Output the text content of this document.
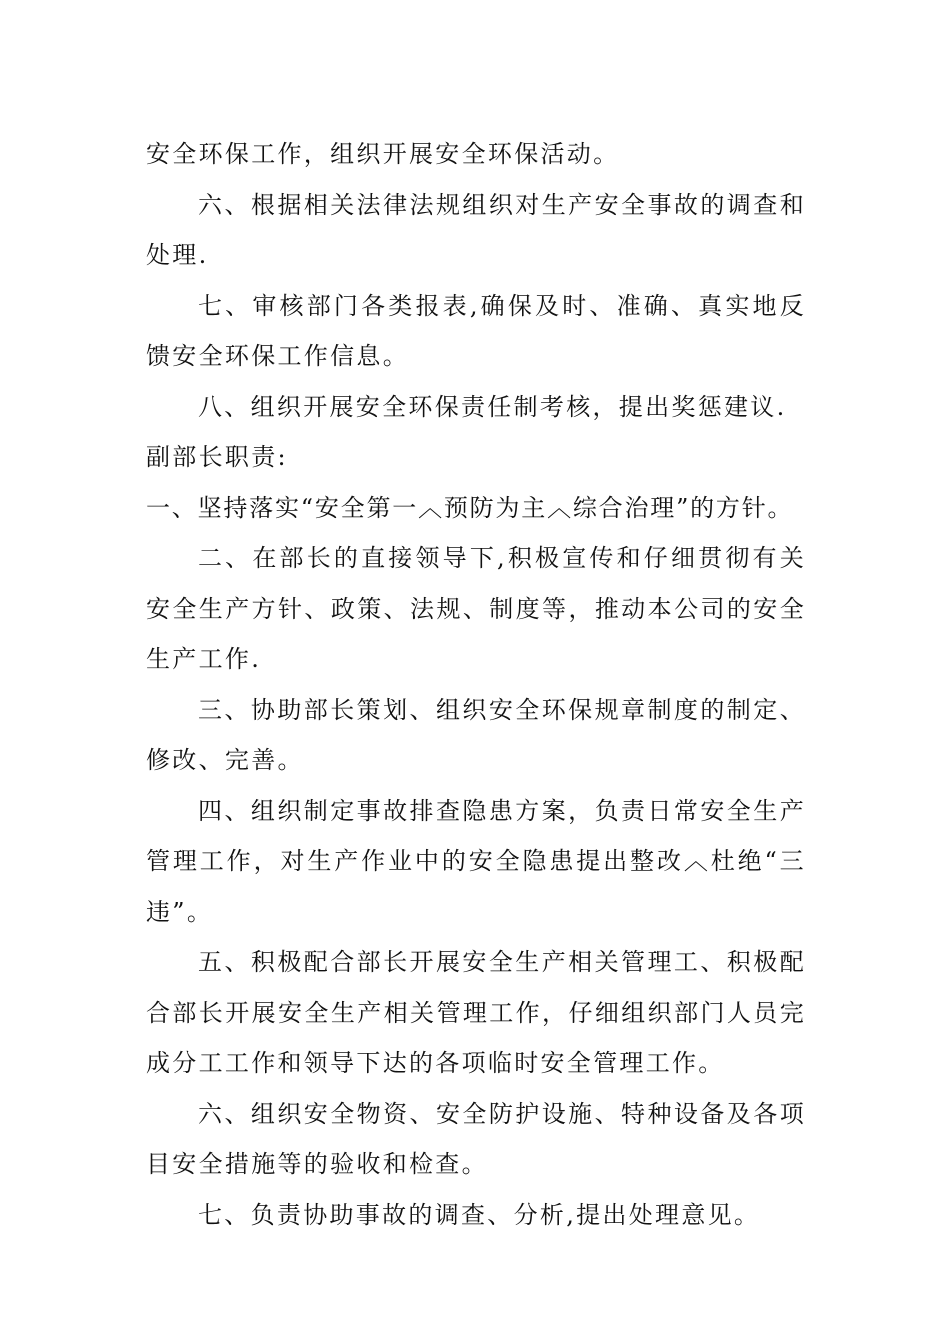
安全环保工作，组织开展安全环保活动。

六、根据相关法律法规组织对生产安全事故的调查和处理.

七、审核部门各类报表,确保及时、准确、真实地反馈安全环保工作信息。

八、组织开展安全环保责任制考核，提出奖惩建议.

副部长职责:

一、坚持落实“安全第一︿预防为主︿综合治理”的方针。

二、在部长的直接领导下,积极宣传和仔细贯彻有关安全生产方针、政策、法规、制度等，推动本公司的安全生产工作.

三、协助部长策划、组织安全环保规章制度的制定、修改、完善。

四、组织制定事故排查隐患方案，负责日常安全生产管理工作，对生产作业中的安全隐患提出整改︿杜绝“三违”。

五、积极配合部长开展安全生产相关管理工、积极配合部长开展安全生产相关管理工作，仔细组织部门人员完成分工工作和领导下达的各项临时安全管理工作。

六、组织安全物资、安全防护设施、特种设备及各项目安全措施等的验收和检查。

七、负责协助事故的调查、分析,提出处理意见。
